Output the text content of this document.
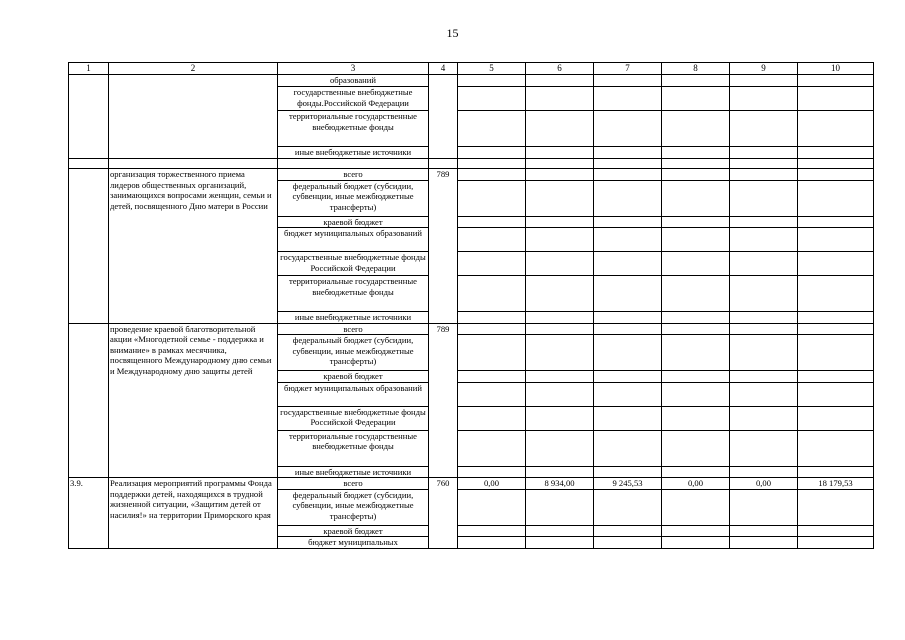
15
1	2	3	4	5	6	7	8	9	10
		образований							
		государственные внебюджетные фонды.Российской Федерации							
		территориальные государственные внебюджетные фонды							
		иные внебюджетные источники							

	организация торжественного приема лидеров общественных организаций, занимающихся вопросами женщин, семьи и детей, посвященного Дню матери в России	всего	789						
		федеральный бюджет (субсидии, субвенции, иные межбюджетные трансферты)							
		краевой бюджет							
		бюджет муниципальных образований							
		государственные внебюджетные фонды Российской Федерации							
		территориальные государственные внебюджетные фонды							
		иные внебюджетные источники							
	проведение краевой благотворительной акции «Многодетной семье - поддержка и внимание» в рамках месячника, посвященного Международному дню семьи и Международному дню защиты детей	всего	789						
		федеральный бюджет (субсидии, субвенции, иные межбюджетные трансферты)							
		краевой бюджет							
		бюджет муниципальных образований							
		государственные внебюджетные фонды Российской Федерации							
		территориальные государственные внебюджетные фонды							
		иные внебюджетные источники							
3.9.	Реализация мероприятий программы Фонда поддержки детей, находящихся в трудной жизненной ситуации, «Защитим детей от насилия!» на территории Приморского края	всего	760	0,00	8 934,00	9 245,53	0,00	0,00	18 179,53
		федеральный бюджет (субсидии, субвенции, иные межбюджетные трансферты)							
		краевой бюджет							
		бюджет муниципальных							
